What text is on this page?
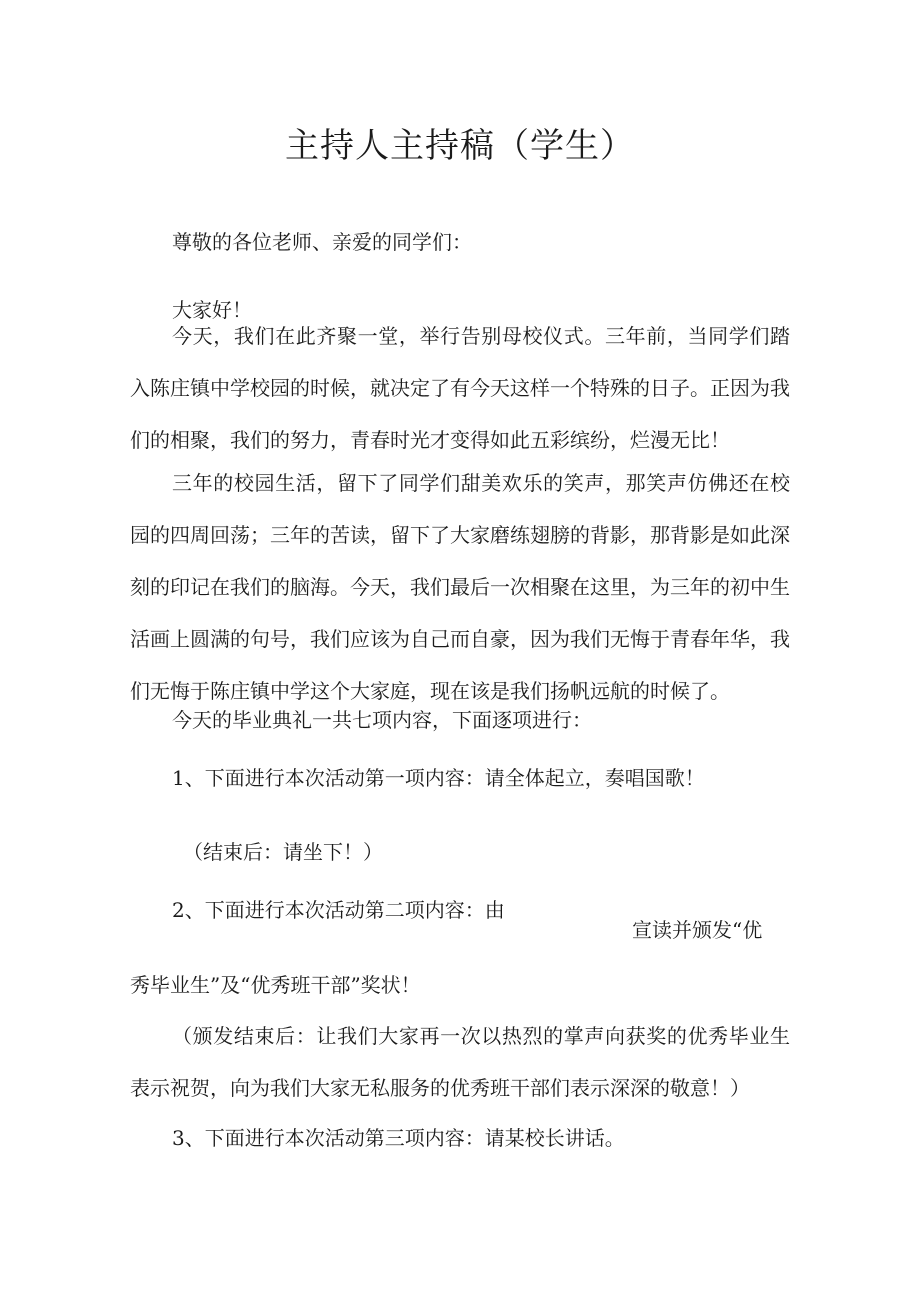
主持人主持稿（学生）

尊敬的各位老师、亲爱的同学们：

大家好！

今天，我们在此齐聚一堂，举行告别母校仪式。三年前，当同学们踏入陈庄镇中学校园的时候，就决定了有今天这样一个特殊的日子。正因为我们的相聚，我们的努力，青春时光才变得如此五彩缤纷，烂漫无比！

三年的校园生活，留下了同学们甜美欢乐的笑声，那笑声仿佛还在校园的四周回荡；三年的苦读，留下了大家磨练翅膀的背影，那背影是如此深刻的印记在我们的脑海。今天，我们最后一次相聚在这里，为三年的初中生活画上圆满的句号，我们应该为自己而自豪，因为我们无悔于青春年华，我们无悔于陈庄镇中学这个大家庭，现在该是我们扬帆远航的时候了。

今天的毕业典礼一共七项内容，下面逐项进行：

1、下面进行本次活动第一项内容：请全体起立，奏唱国歌！

（结束后：请坐下！）

2、下面进行本次活动第二项内容：由

宣读并颁发“优

秀毕业生”及“优秀班干部”奖状！

（颁发结束后：让我们大家再一次以热烈的掌声向获奖的优秀毕业生表示祝贺，向为我们大家无私服务的优秀班干部们表示深深的敬意！）

3、下面进行本次活动第三项内容：请某校长讲话。
